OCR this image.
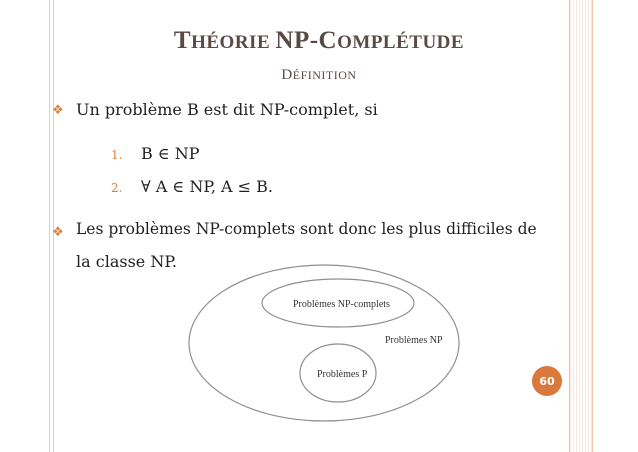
THÉORIE NP-COMPLÉTUDE
DÉFINITION
❖ Un problème B est dit NP-complet, si
1. B ∈ NP
2. ∀ A ∈ NP, A ≤ B.
❖ Les problèmes NP-complets sont donc les plus difficiles de
la classe NP.
Problèmes NP-complets
Problèmes NP
Problèmes P	60
